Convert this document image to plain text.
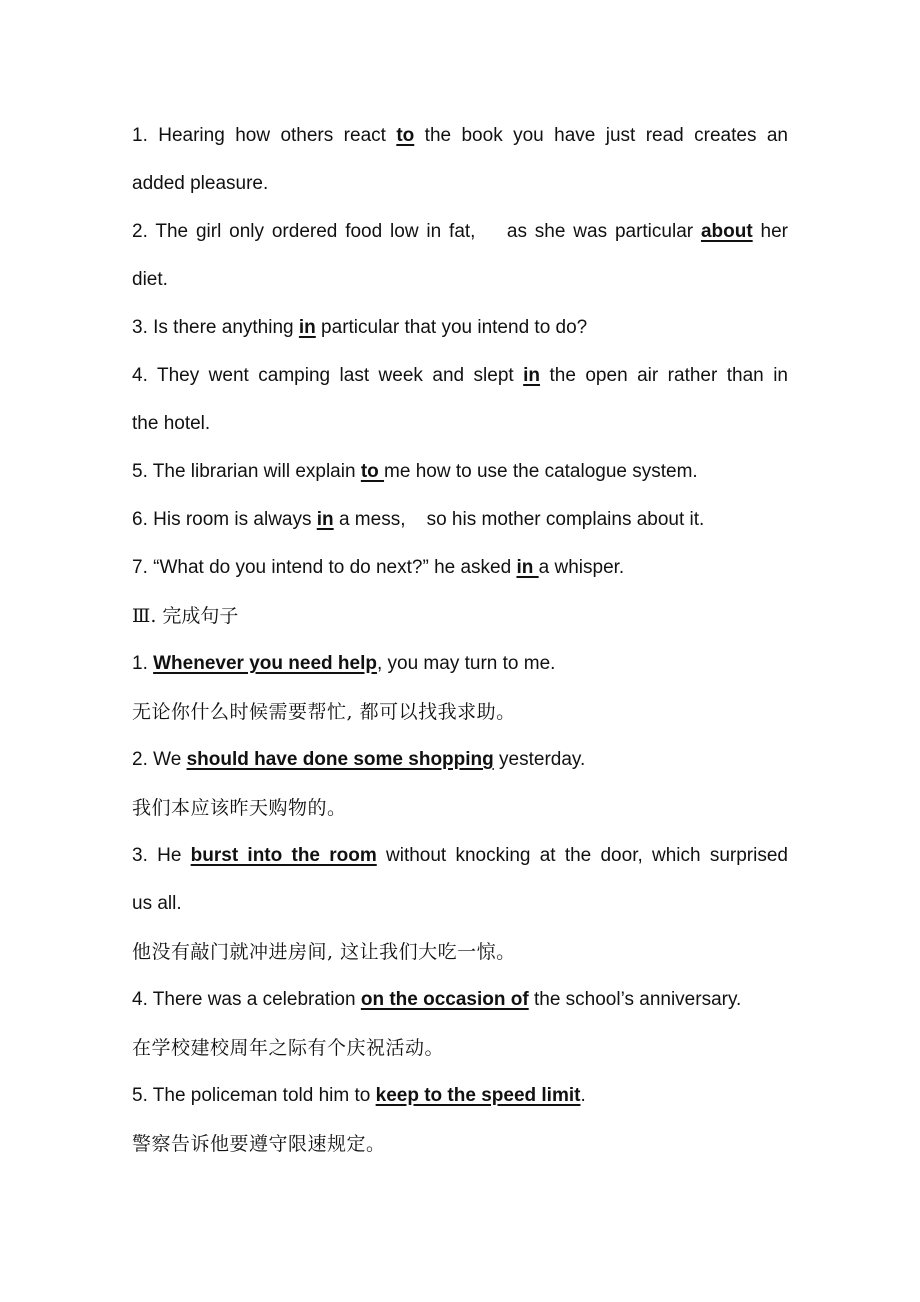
1. Hearing how others react to the book you have just read creates an
added pleasure.
2. The girl only ordered food low in fat,    as she was particular about her
diet.
3. Is there anything in particular that you intend to do?
4. They went camping last week and slept in the open air rather than in
the hotel.
5. The librarian will explain to me how to use the catalogue system.
6. His room is always in a mess,    so his mother complains about it.
7. “What do you intend to do next?” he asked in a whisper.
Ⅲ. 完成句子
1. Whenever you need help, you may turn to me.
无论你什么时候需要帮忙, 都可以找我求助。
2. We should have done some shopping yesterday.
我们本应该昨天购物的。
3. He burst into the room without knocking at the door, which surprised
us all.
他没有敲门就冲进房间, 这让我们大吃一惊。
4. There was a celebration on the occasion of the school’s anniversary.
在学校建校周年之际有个庆祝活动。
5. The policeman told him to keep to the speed limit.
警察告诉他要遵守限速规定。
